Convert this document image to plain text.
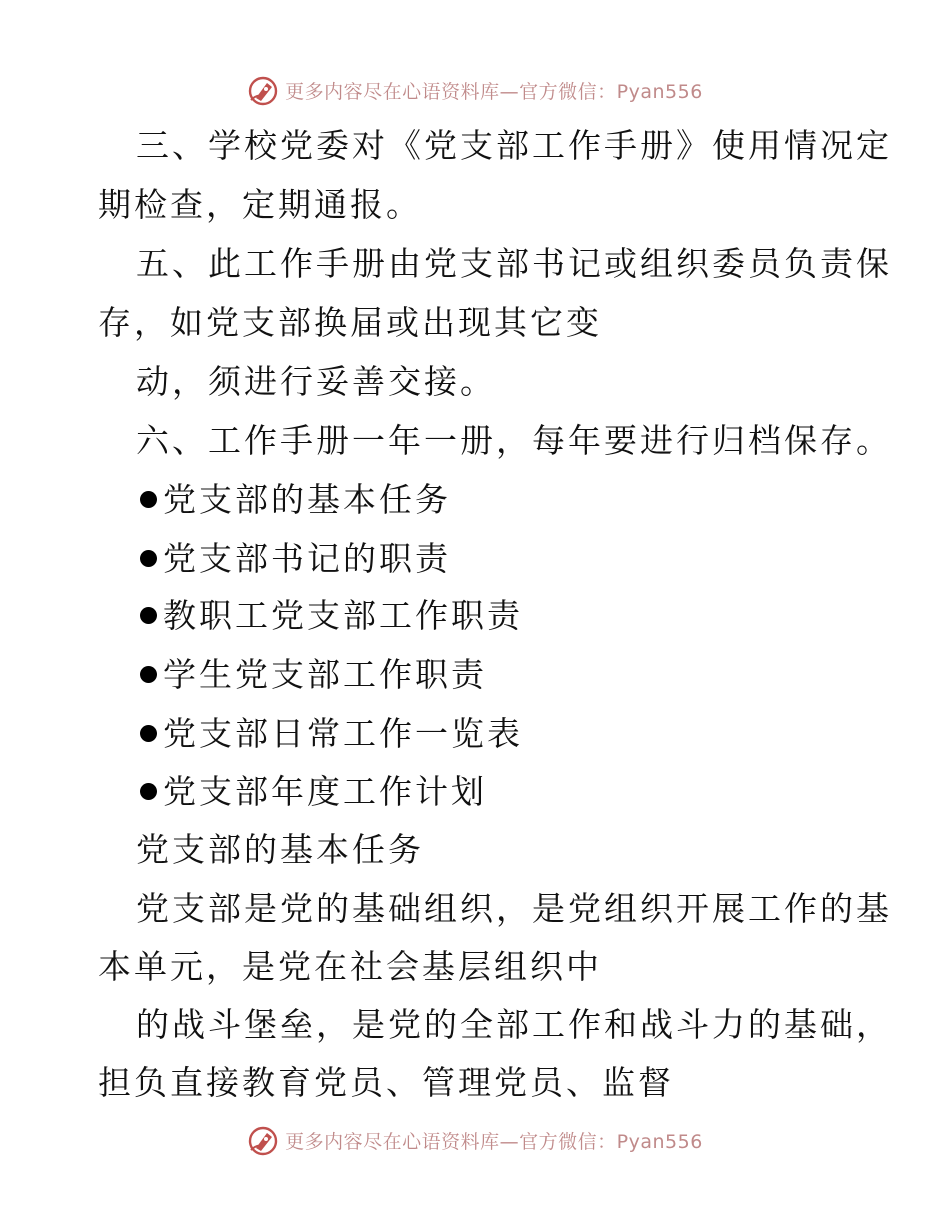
更多内容尽在心语资料库—官方微信：Pyan556
三、学校党委对《党支部工作手册》使用情况定
期检查，定期通报。
五、此工作手册由党支部书记或组织委员负责保
存，如党支部换届或出现其它变
动，须进行妥善交接。
六、工作手册一年一册，每年要进行归档保存。
党支部的基本任务
党支部书记的职责
教职工党支部工作职责
学生党支部工作职责
党支部日常工作一览表
党支部年度工作计划
党支部的基本任务
党支部是党的基础组织，是党组织开展工作的基
本单元，是党在社会基层组织中
的战斗堡垒，是党的全部工作和战斗力的基础，
担负直接教育党员、管理党员、监督
更多内容尽在心语资料库—官方微信：Pyan556
